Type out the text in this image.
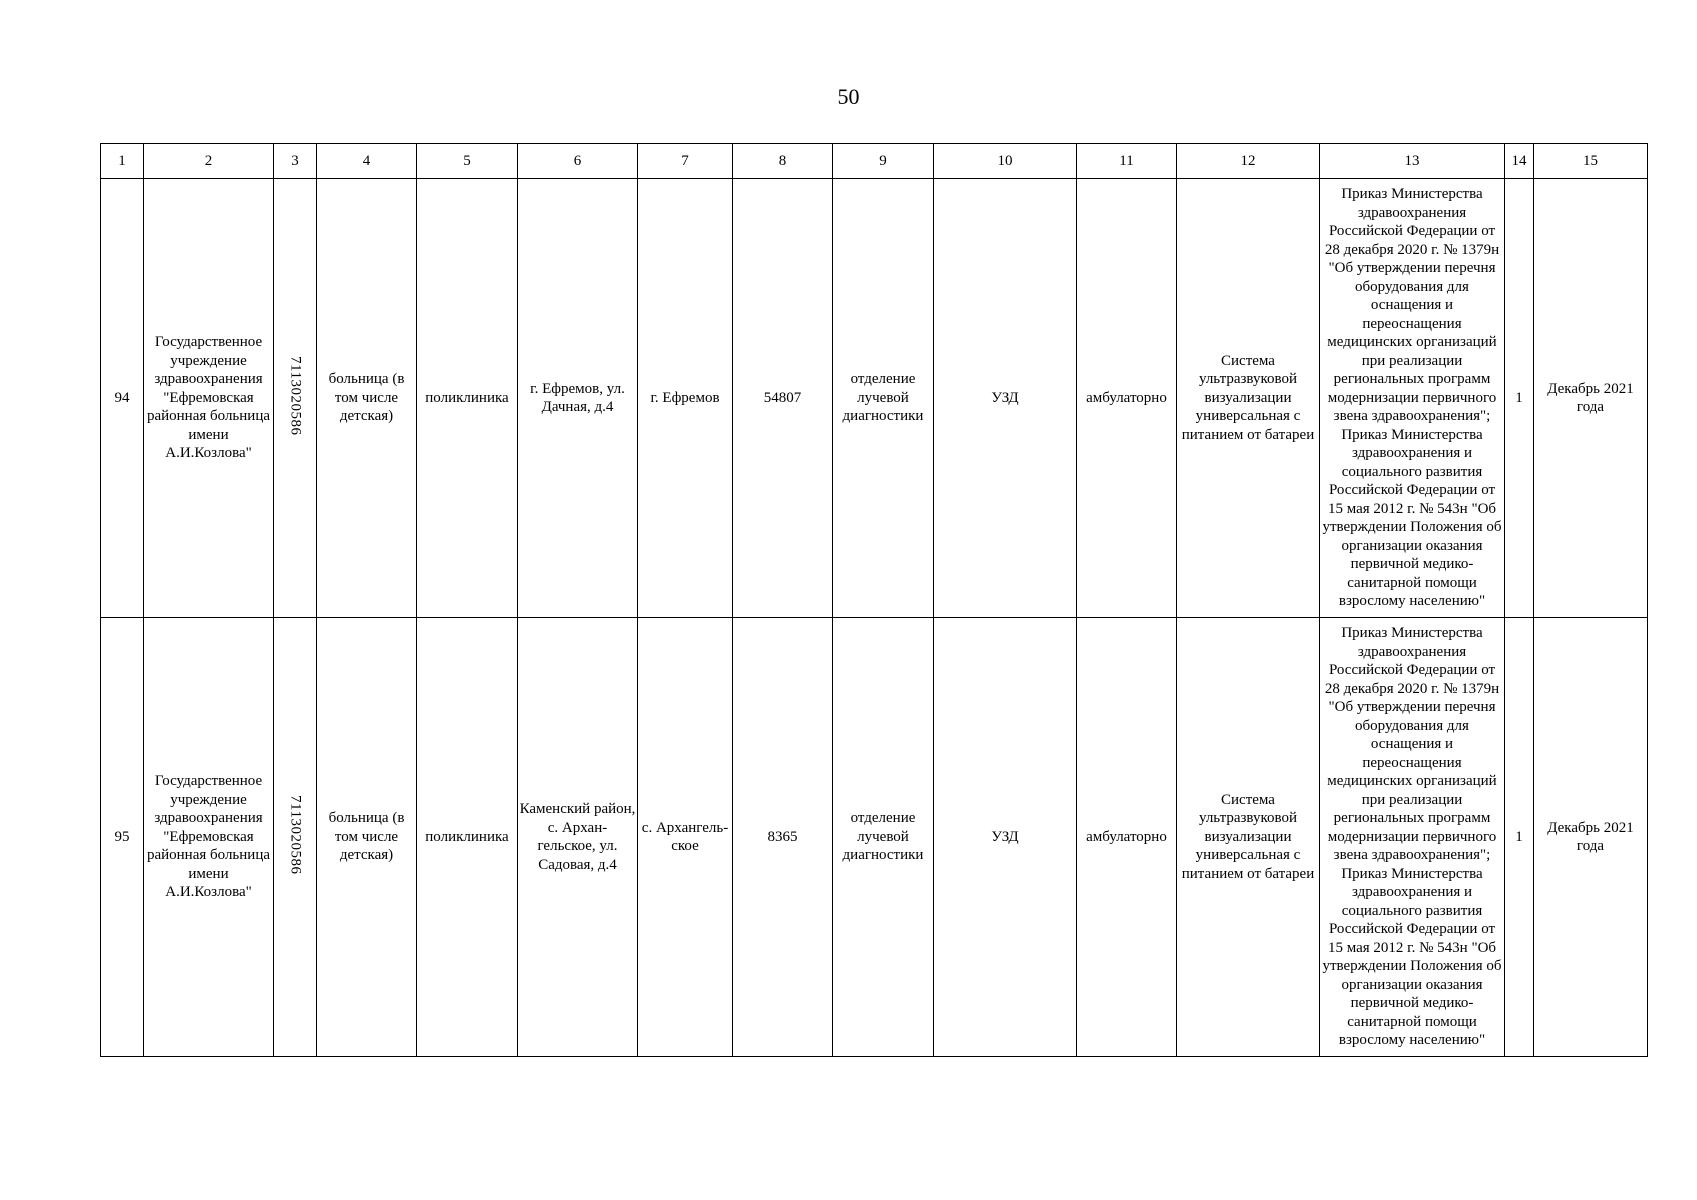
50
1	2	3	4	5	6	7	8	9	10	11	12	13	14	15
94	Государственное учреждение здравоохранения "Ефремовская районная больница имени А.И.Козлова"	7113020586	больница (в том числе детская)	поликлиника	г. Ефремов, ул. Дачная, д.4	г. Ефремов	54807	отделение лучевой диагностики	УЗД	амбулаторно	Система ультразвуковой визуализации универсальная с питанием от батареи	Приказ Министерства здравоохранения Российской Федерации от 28 декабря 2020 г. № 1379н "Об утверждении перечня оборудования для оснащения и переоснащения медицинских организаций при реализации региональных программ модернизации первичного звена здравоохранения"; Приказ Министерства здравоохранения и социального развития Российской Федерации от 15 мая 2012 г. № 543н "Об утверждении Положения об организации оказания первичной медико-санитарной помощи взрослому населению"	1	Декабрь 2021 года
95	Государственное учреждение здравоохранения "Ефремовская районная больница имени А.И.Козлова"	7113020586	больница (в том числе детская)	поликлиника	Каменский район, с. Архан-гельское, ул. Садовая, д.4	с. Архангель-ское	8365	отделение лучевой диагностики	УЗД	амбулаторно	Система ультразвуковой визуализации универсальная с питанием от батареи	Приказ Министерства здравоохранения Российской Федерации от 28 декабря 2020 г. № 1379н "Об утверждении перечня оборудования для оснащения и переоснащения медицинских организаций при реализации региональных программ модернизации первичного звена здравоохранения"; Приказ Министерства здравоохранения и социального развития Российской Федерации от 15 мая 2012 г. № 543н "Об утверждении Положения об организации оказания первичной медико-санитарной помощи взрослому населению"	1	Декабрь 2021 года
